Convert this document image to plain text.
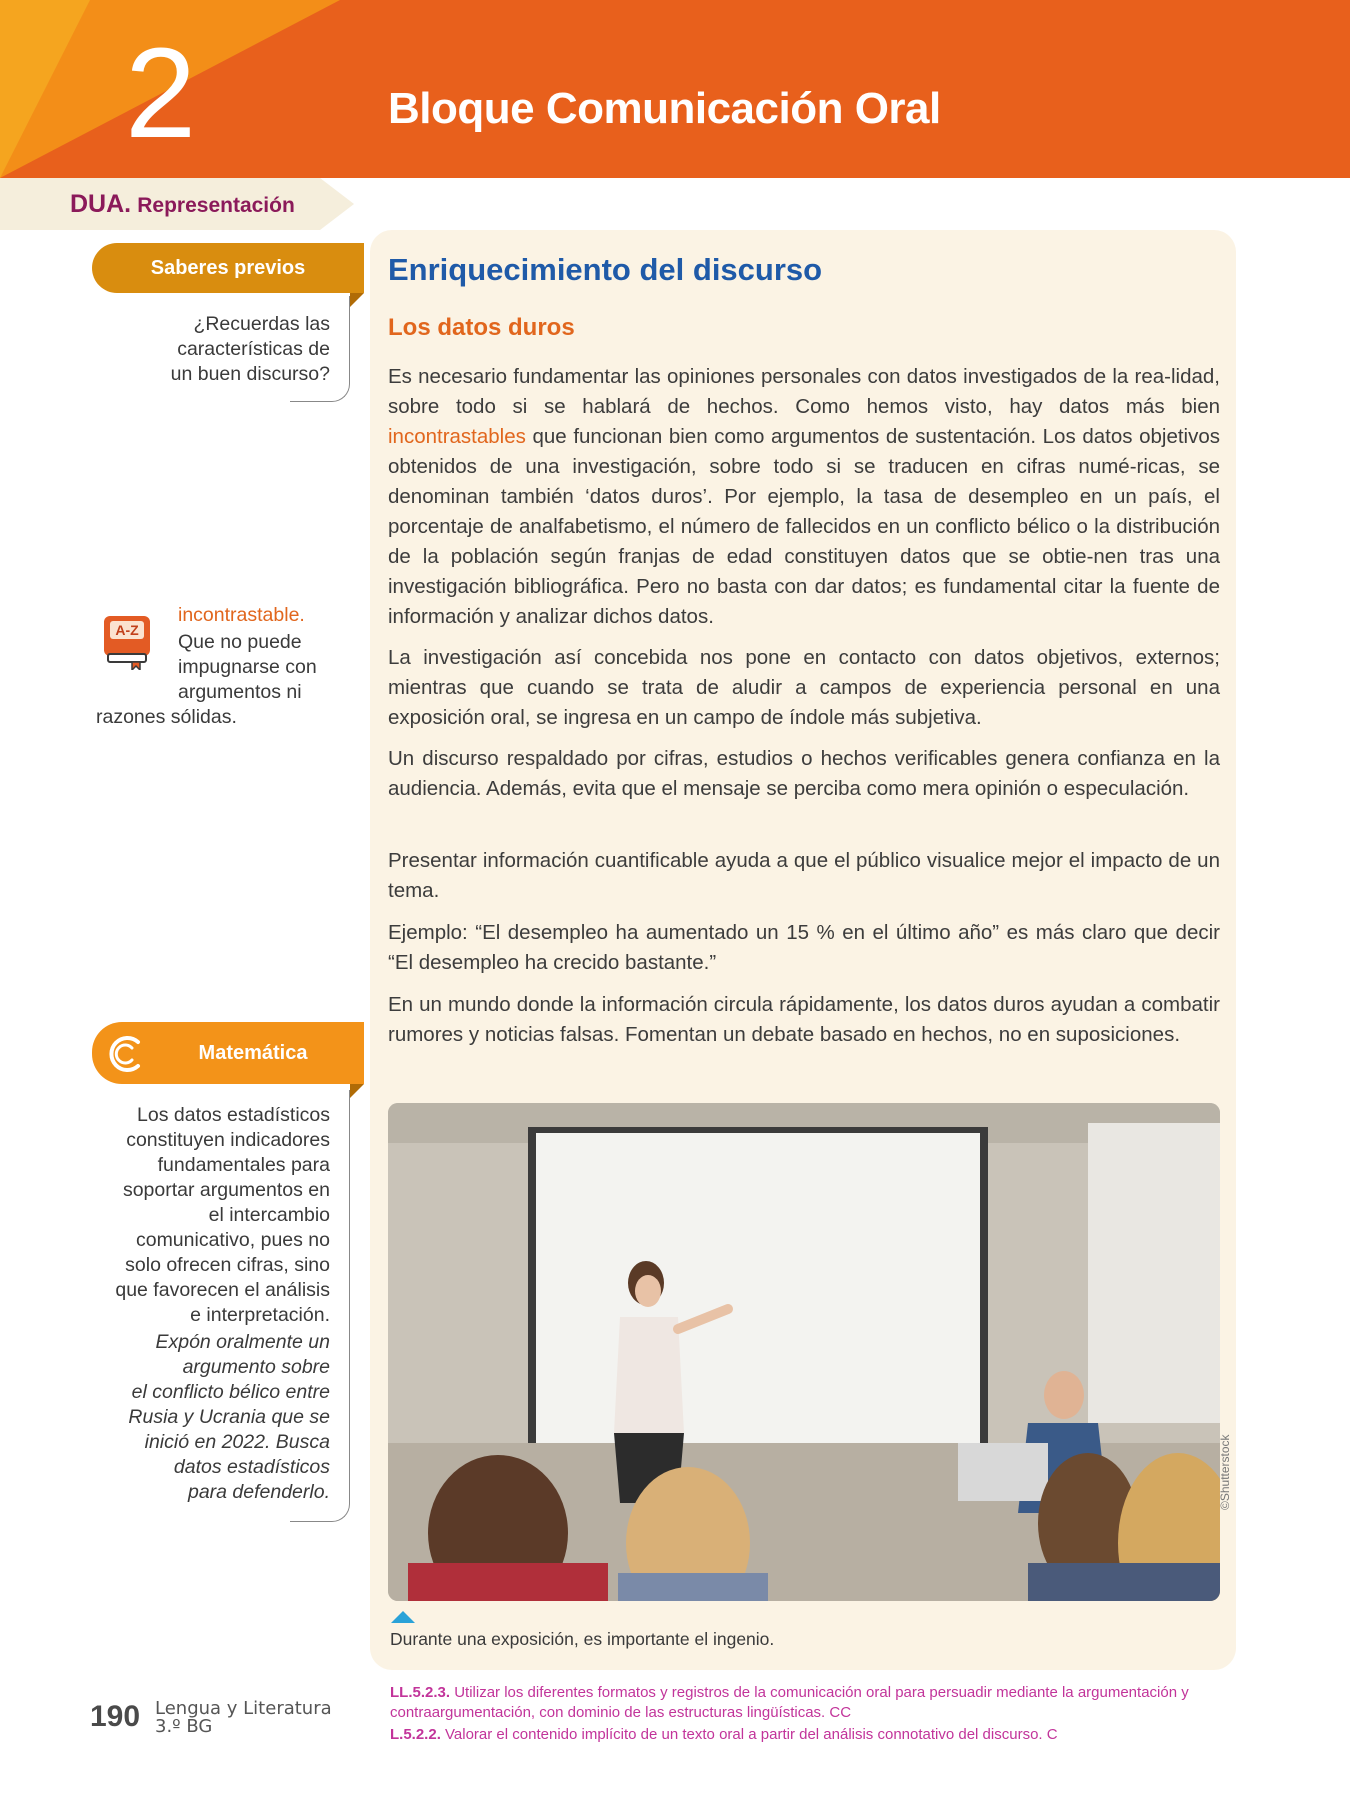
2	Bloque Comunicación Oral
DUA. Representación
Saberes previos
¿Recuerdas las
características de
un buen discurso?
A-Z
incontrastable.
Que no puede
impugnarse con
argumentos ni
razones sólidas.
Matemática
Los datos estadísticos
constituyen indicadores
fundamentales para
soportar argumentos en
el intercambio
comunicativo, pues no
solo ofrecen cifras, sino
que favorecen el análisis
e interpretación.
Expón oralmente un
argumento sobre
el conflicto bélico entre
Rusia y Ucrania que se
inició en 2022. Busca
datos estadísticos
para defenderlo.
Enriquecimiento del discurso
Los datos duros
Es necesario fundamentar las opiniones personales con datos investigados de la rea-lidad, sobre todo si se hablará de hechos. Como hemos visto, hay datos más bien incontrastables que funcionan bien como argumentos de sustentación. Los datos objetivos obtenidos de una investigación, sobre todo si se traducen en cifras numé-ricas, se denominan también ‘datos duros’. Por ejemplo, la tasa de desempleo en un país, el porcentaje de analfabetismo, el número de fallecidos en un conflicto bélico o la distribución de la población según franjas de edad constituyen datos que se obtie-nen tras una investigación bibliográfica. Pero no basta con dar datos; es fundamental citar la fuente de información y analizar dichos datos.
La investigación así concebida nos pone en contacto con datos objetivos, externos; mientras que cuando se trata de aludir a campos de experiencia personal en una exposición oral, se ingresa en un campo de índole más subjetiva.
Un discurso respaldado por cifras, estudios o hechos verificables genera confianza en la audiencia. Además, evita que el mensaje se perciba como mera opinión o especulación.
Presentar información cuantificable ayuda a que el público visualice mejor el impacto de un tema.
Ejemplo: “El desempleo ha aumentado un 15 % en el último año” es más claro que decir “El desempleo ha crecido bastante.”
En un mundo donde la información circula rápidamente, los datos duros ayudan a combatir rumores y noticias falsas. Fomentan un debate basado en hechos, no en suposiciones.
©Shutterstock
Durante una exposición, es importante el ingenio.
190 Lengua y Literatura
3.º BG
LL.5.2.3. Utilizar los diferentes formatos y registros de la comunicación oral para persuadir mediante la argumentación y contraargumentación, con dominio de las estructuras lingüísticas. CC
L.5.2.2. Valorar el contenido implícito de un texto oral a partir del análisis connotativo del discurso. C
